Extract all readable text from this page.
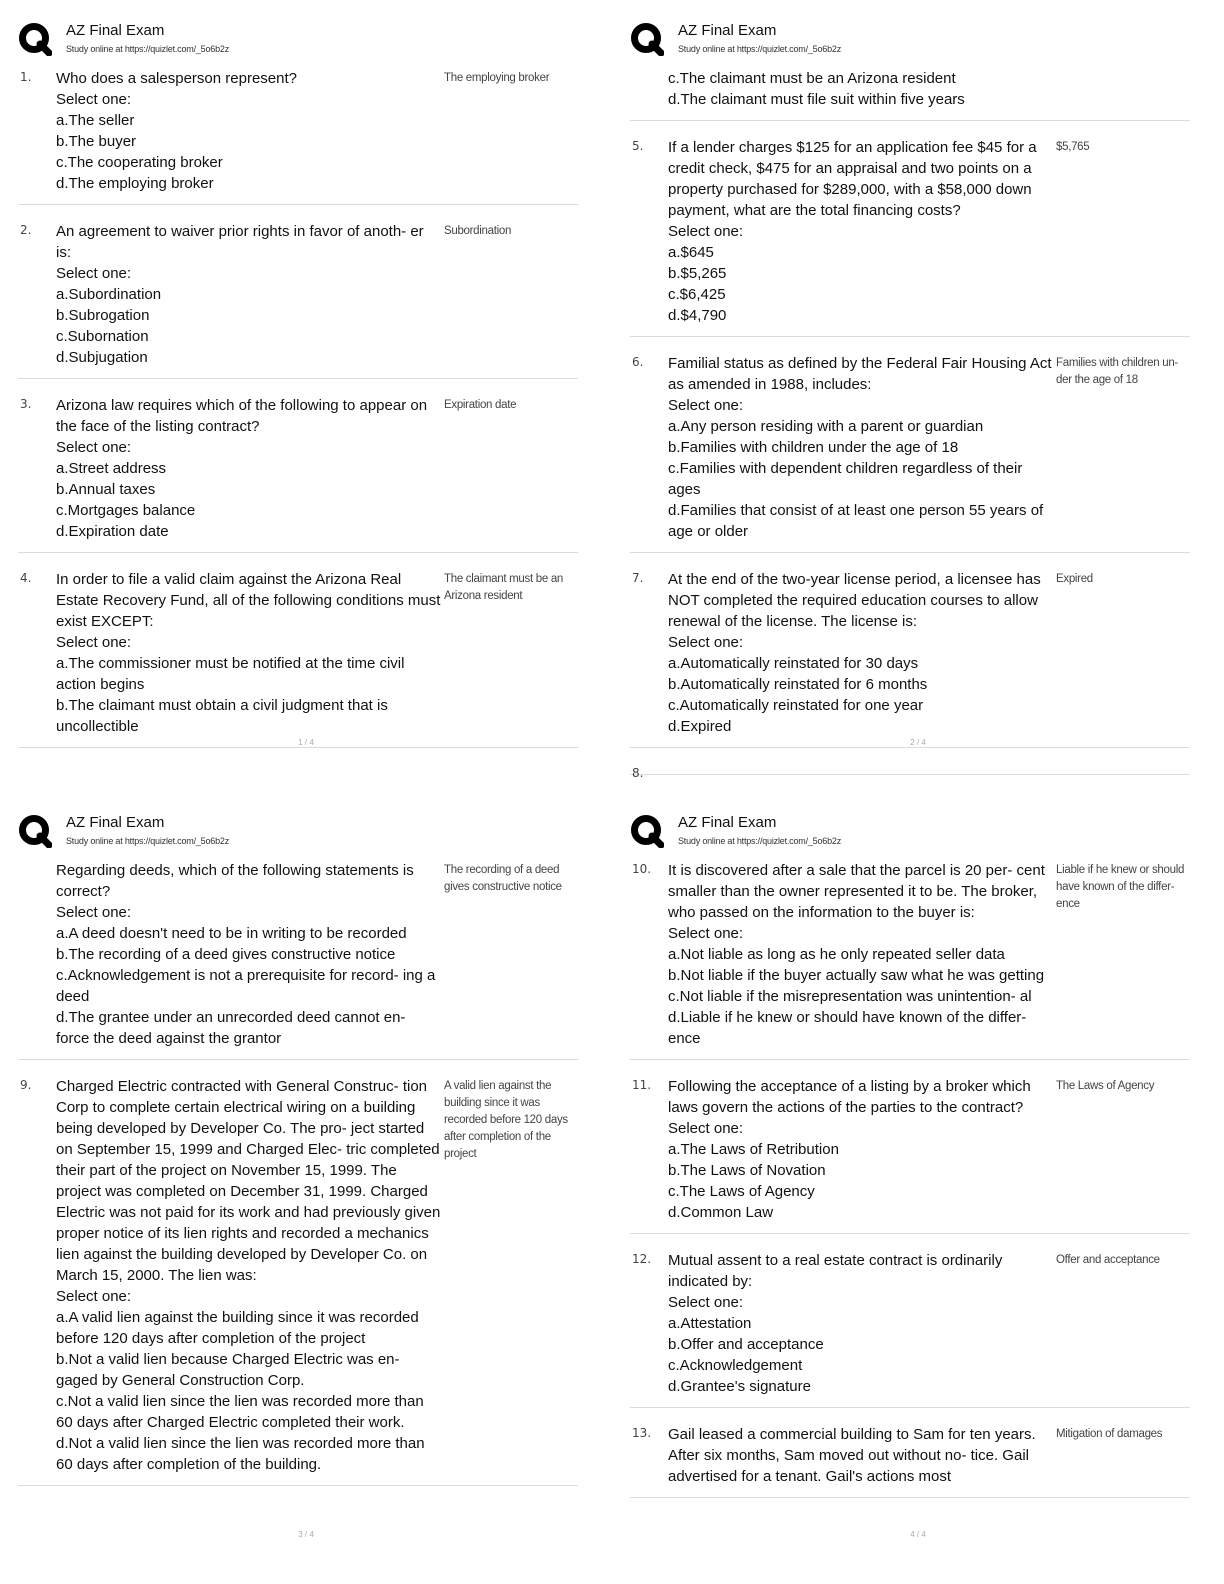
AZ Final Exam
Study online at https://quizlet.com/_5o6b2z
1. Who does a salesperson represent?
Select one:
a.The seller
b.The buyer
c.The cooperating broker
d.The employing broker
The employing broker
2. An agreement to waiver prior rights in favor of anoth- er is:
Select one:
a.Subordination
b.Subrogation
c.Subornation
d.Subjugation
Subordination
3. Arizona law requires which of the following to appear on the face of the listing contract?
Select one:
a.Street address
b.Annual taxes
c.Mortgages balance
d.Expiration date
Expiration date
4. In order to file a valid claim against the Arizona Real Estate Recovery Fund, all of the following conditions must exist EXCEPT:
Select one:
a.The commissioner must be notified at the time civil action begins
b.The claimant must obtain a civil judgment that is uncollectible
The claimant must be an Arizona resident
1 / 4
AZ Final Exam
Study online at https://quizlet.com/_5o6b2z
c.The claimant must be an Arizona resident
d.The claimant must file suit within five years
5. If a lender charges $125 for an application fee $45 for a credit check, $475 for an appraisal and two points on a property purchased for $289,000, with a $58,000 down payment, what are the total financing costs?
Select one:
a.$645
b.$5,265
c.$6,425
d.$4,790
$5,765
6. Familial status as defined by the Federal Fair Housing Act as amended in 1988, includes:
Select one:
a.Any person residing with a parent or guardian
b.Families with children under the age of 18
c.Families with dependent children regardless of their ages
d.Families that consist of at least one person 55 years of age or older
Families with children un- der the age of 18
7. At the end of the two-year license period, a licensee has NOT completed the required education courses to allow renewal of the license. The license is:
Select one:
a.Automatically reinstated for 30 days
b.Automatically reinstated for 6 months
c.Automatically reinstated for one year
d.Expired
Expired
8.
2 / 4
AZ Final Exam
Study online at https://quizlet.com/_5o6b2z
Regarding deeds, which of the following statements is correct?
Select one:
a.A deed doesn't need to be in writing to be recorded
b.The recording of a deed gives constructive notice
c.Acknowledgement is not a prerequisite for record- ing a deed
d.The grantee under an unrecorded deed cannot en- force the deed against the grantor
The recording of a deed gives constructive notice
9. Charged Electric contracted with General Construc- tion Corp to complete certain electrical wiring on a building being developed by Developer Co. The pro- ject started on September 15, 1999 and Charged Elec- tric completed their part of the project on November 15, 1999. The project was completed on December 31, 1999. Charged Electric was not paid for its work and had previously given proper notice of its lien rights and recorded a mechanics lien against the building developed by Developer Co. on March 15, 2000. The lien was:
Select one:
a.A valid lien against the building since it was recorded before 120 days after completion of the project
b.Not a valid lien because Charged Electric was en- gaged by General Construction Corp.
c.Not a valid lien since the lien was recorded more than 60 days after Charged Electric completed their work.
d.Not a valid lien since the lien was recorded more than 60 days after completion of the building.
A valid lien against the building since it was recorded before 120 days after completion of the project
3 / 4
AZ Final Exam
Study online at https://quizlet.com/_5o6b2z
10. It is discovered after a sale that the parcel is 20 per- cent smaller than the owner represented it to be. The broker, who passed on the information to the buyer is:
Select one:
a.Not liable as long as he only repeated seller data
b.Not liable if the buyer actually saw what he was getting
c.Not liable if the misrepresentation was unintention- al
d.Liable if he knew or should have known of the differ- ence
Liable if he knew or should have known of the differ- ence
11. Following the acceptance of a listing by a broker which laws govern the actions of the parties to the contract?
Select one:
a.The Laws of Retribution
b.The Laws of Novation
c.The Laws of Agency
d.Common Law
The Laws of Agency
12. Mutual assent to a real estate contract is ordinarily indicated by:
Select one:
a.Attestation
b.Offer and acceptance
c.Acknowledgement
d.Grantee's signature
Offer and acceptance
13. Gail leased a commercial building to Sam for ten years. After six months, Sam moved out without no- tice. Gail advertised for a tenant. Gail's actions most
Mitigation of damages
4 / 4
